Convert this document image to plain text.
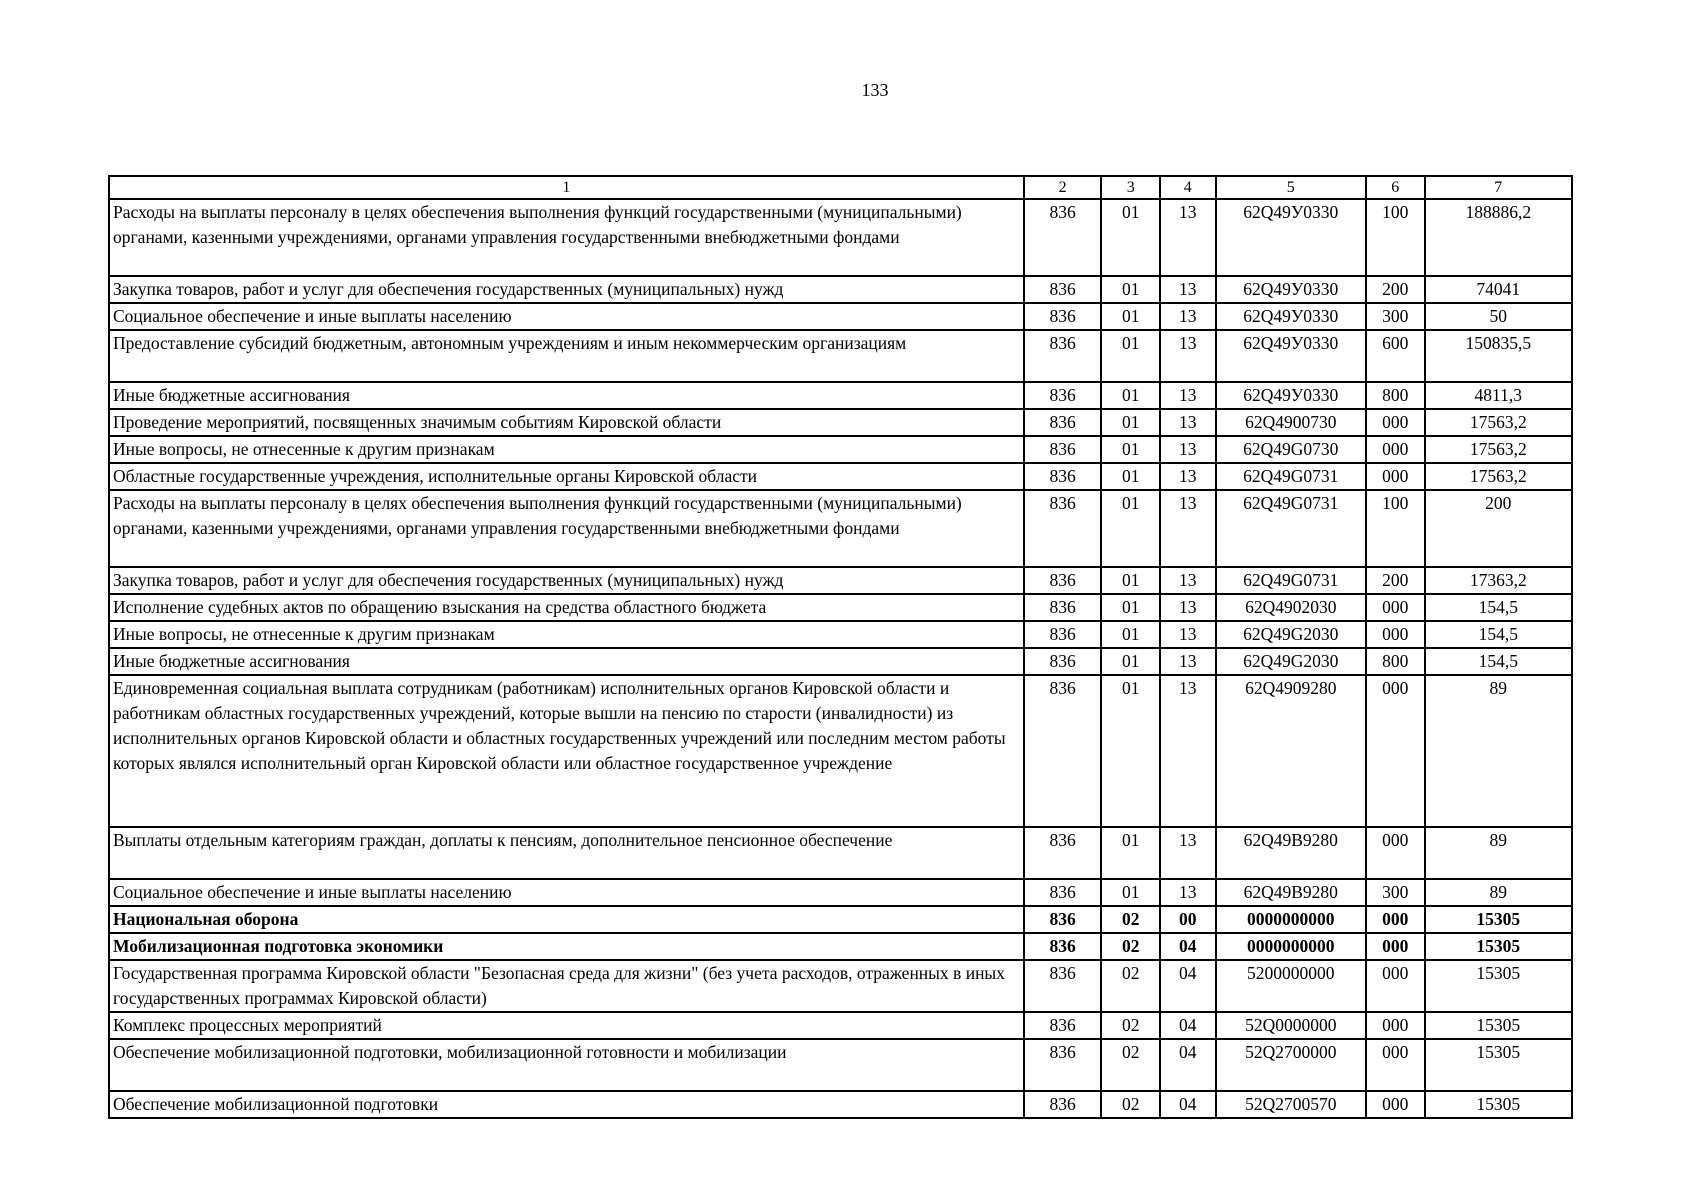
133
1	2	3	4	5	6	7
Расходы на выплаты персоналу в целях обеспечения выполнения функций государственными (муниципальными) органами, казенными учреждениями, органами управления государственными внебюджетными фондами	836	01	13	62Q49У0330	100	188886,2
Закупка товаров, работ и услуг для обеспечения государственных (муниципальных) нужд	836	01	13	62Q49У0330	200	74041
Социальное обеспечение и иные выплаты населению	836	01	13	62Q49У0330	300	50
Предоставление субсидий бюджетным, автономным учреждениям и иным некоммерческим организациям	836	01	13	62Q49У0330	600	150835,5
Иные бюджетные ассигнования	836	01	13	62Q49У0330	800	4811,3
Проведение мероприятий, посвященных значимым событиям Кировской области	836	01	13	62Q4900730	000	17563,2
Иные вопросы, не отнесенные к другим признакам	836	01	13	62Q49G0730	000	17563,2
Областные государственные учреждения, исполнительные органы Кировской области	836	01	13	62Q49G0731	000	17563,2
Расходы на выплаты персоналу в целях обеспечения выполнения функций государственными (муниципальными) органами, казенными учреждениями, органами управления государственными внебюджетными фондами	836	01	13	62Q49G0731	100	200
Закупка товаров, работ и услуг для обеспечения государственных (муниципальных) нужд	836	01	13	62Q49G0731	200	17363,2
Исполнение судебных актов по обращению взыскания на средства областного бюджета	836	01	13	62Q4902030	000	154,5
Иные вопросы, не отнесенные к другим признакам	836	01	13	62Q49G2030	000	154,5
Иные бюджетные ассигнования	836	01	13	62Q49G2030	800	154,5
Единовременная социальная выплата сотрудникам (работникам) исполнительных органов Кировской области и работникам областных государственных учреждений, которые вышли на пенсию по старости (инвалидности) из исполнительных органов Кировской области и областных государственных учреждений или последним местом работы которых являлся исполнительный орган Кировской области или областное государственное учреждение	836	01	13	62Q4909280	000	89
Выплаты отдельным категориям граждан, доплаты к пенсиям, дополнительное пенсионное обеспечение	836	01	13	62Q49B9280	000	89
Социальное обеспечение и иные выплаты населению	836	01	13	62Q49B9280	300	89
Национальная оборона	836	02	00	0000000000	000	15305
Мобилизационная подготовка экономики	836	02	04	0000000000	000	15305
Государственная программа Кировской области "Безопасная среда для жизни" (без учета расходов, отраженных в иных государственных программах Кировской области)	836	02	04	5200000000	000	15305
Комплекс процессных мероприятий	836	02	04	52Q0000000	000	15305
Обеспечение мобилизационной подготовки, мобилизационной готовности и мобилизации	836	02	04	52Q2700000	000	15305
Обеспечение мобилизационной подготовки	836	02	04	52Q2700570	000	15305
